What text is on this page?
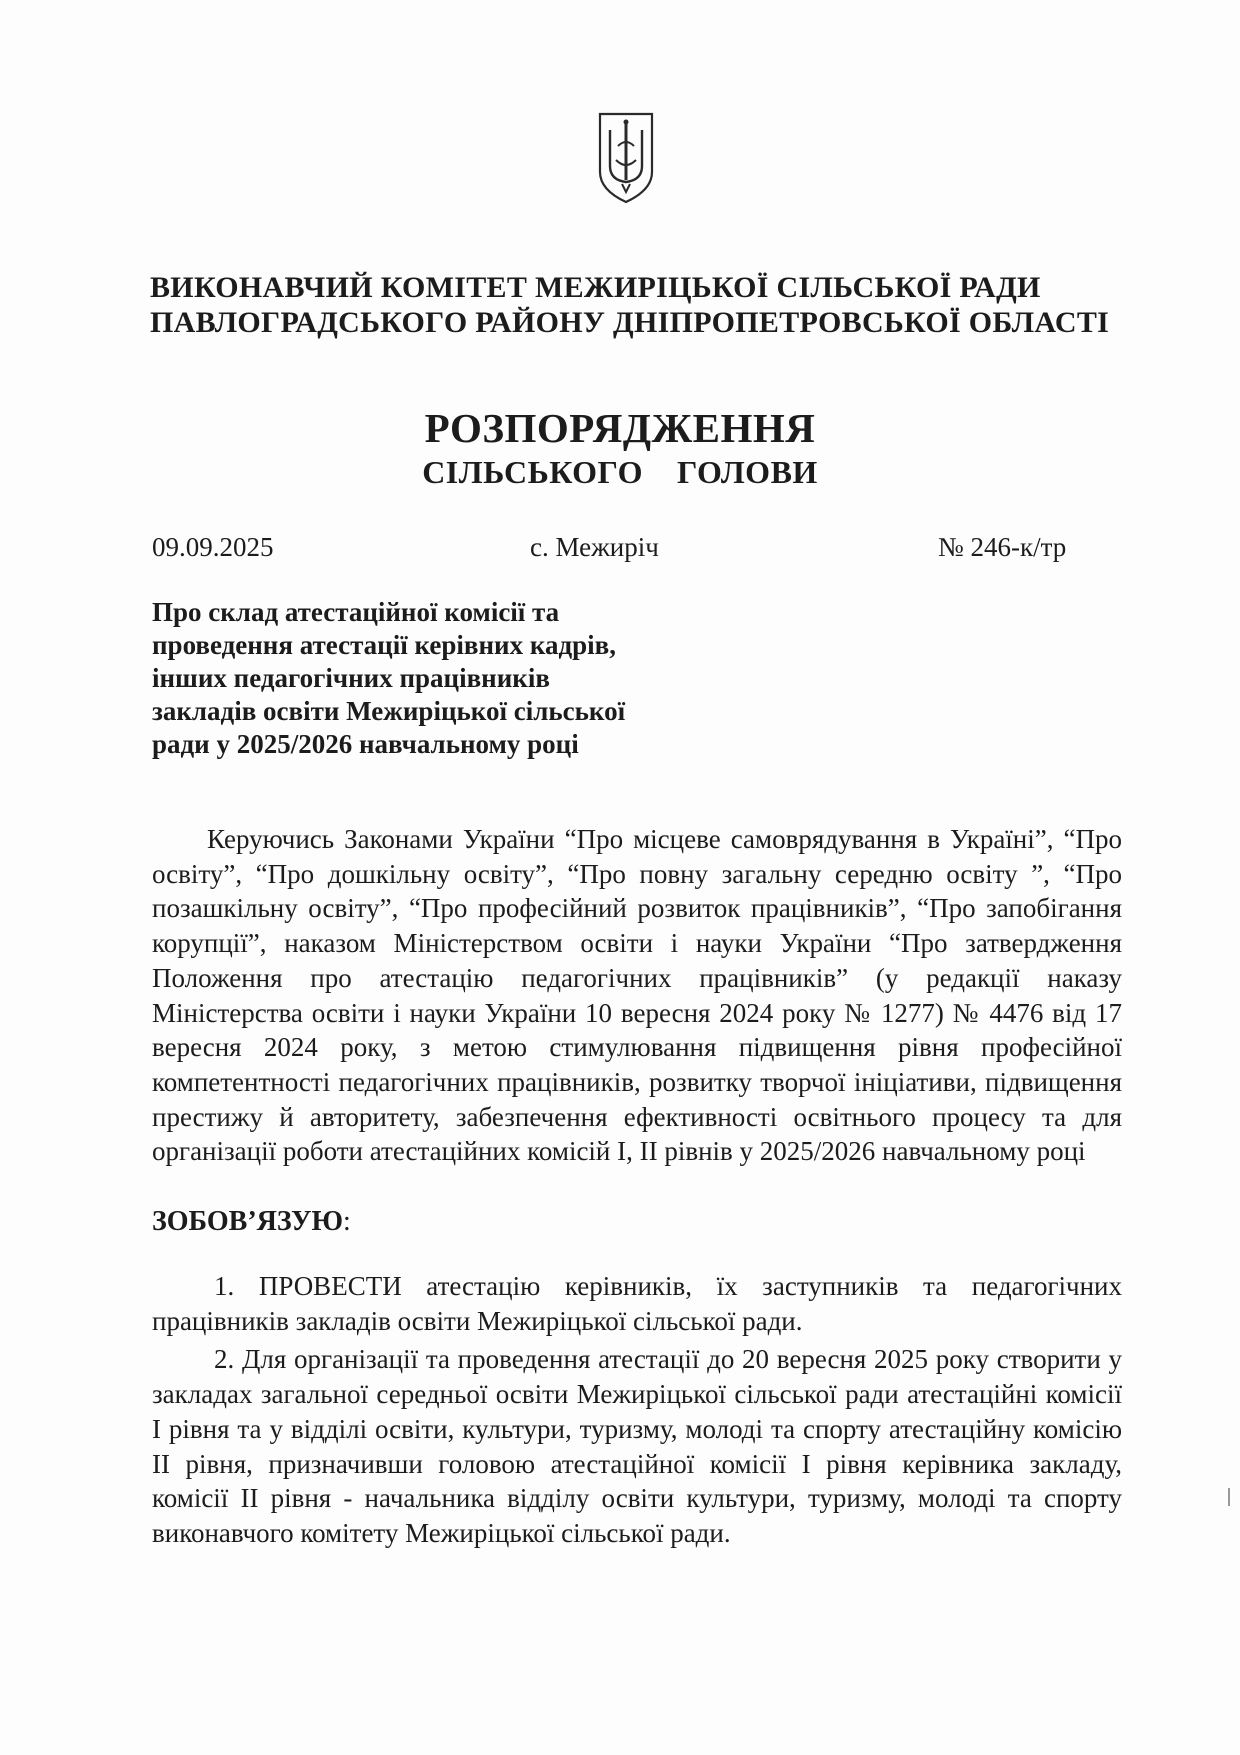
ВИКОНАВЧИЙ КОМІТЕТ МЕЖИРІЦЬКОЇ СІЛЬСЬКОЇ РАДИ
ПАВЛОГРАДСЬКОГО РАЙОНУ ДНІПРОПЕТРОВСЬКОЇ ОБЛАСТІ
РОЗПОРЯДЖЕННЯ
СІЛЬСЬКОГО    ГОЛОВИ
09.09.2025	с. Межиріч	№ 246-к/тр
Про склад атестаційної комісії та
проведення атестації керівних кадрів,
інших педагогічних працівників
закладів освіти Межиріцької сільської
ради у 2025/2026 навчальному році

Керуючись Законами України “Про місцеве самоврядування в Україні”, “Про освіту”, “Про дошкільну освіту”, “Про повну загальну середню освіту ”, “Про позашкільну освіту”, “Про професійний розвиток працівників”, “Про запобігання корупції”, наказом Міністерством освіти і науки України “Про затвердження Положення про атестацію педагогічних працівників” (у редакції наказу Міністерства освіти і науки України 10 вересня 2024 року № 1277) № 4476 від 17 вересня 2024 року, з метою стимулювання підвищення рівня професійної компетентності педагогічних працівників, розвитку творчої ініціативи, підвищення престижу й авторитету, забезпечення ефективності освітнього процесу та для організації роботи атестаційних комісій І, ІІ рівнів у 2025/2026 навчальному році

ЗОБОВ’ЯЗУЮ:

1. ПРОВЕСТИ атестацію керівників, їх заступників та педагогічних працівників закладів освіти Межиріцької сільської ради.

2. Для організації та проведення атестації до 20 вересня 2025 року створити у закладах загальної середньої освіти Межиріцької сільської ради атестаційні комісії І рівня та у відділі освіти, культури, туризму, молоді та спорту атестаційну комісію ІІ рівня, призначивши головою атестаційної комісії І рівня керівника закладу, комісії ІІ рівня - начальника відділу освіти культури, туризму, молоді та спорту виконавчого комітету Межиріцької сільської ради.
